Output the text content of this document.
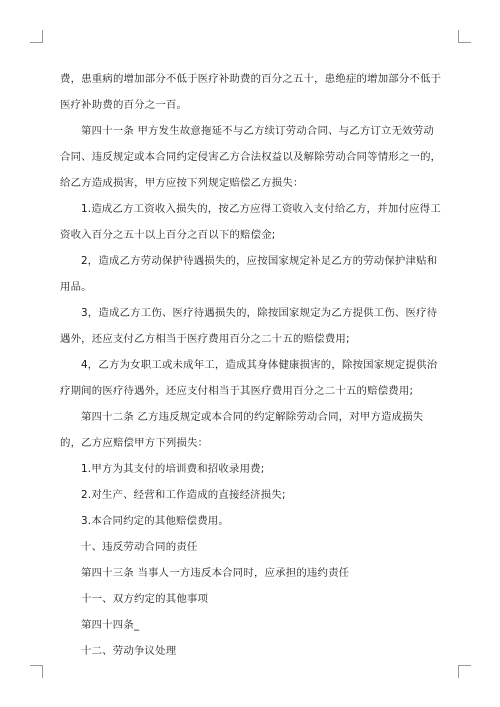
费，患重病的增加部分不低于医疗补助费的百分之五十，患绝症的增加部分不低于医疗补助费的百分之一百。

第四十一条 甲方发生故意拖延不与乙方续订劳动合同、与乙方订立无效劳动合同、违反规定或本合同约定侵害乙方合法权益以及解除劳动合同等情形之一的，给乙方造成损害，甲方应按下列规定赔偿乙方损失：

1.造成乙方工资收入损失的，按乙方应得工资收入支付给乙方，并加付应得工资收入百分之五十以上百分之百以下的赔偿金;

2，造成乙方劳动保护待遇损失的，应按国家规定补足乙方的劳动保护津贴和用品。

3，造成乙方工伤、医疗待遇损失的，除按国家规定为乙方提供工伤、医疗待遇外，还应支付乙方相当于医疗费用百分之二十五的赔偿费用;

4，乙方为女职工或未成年工，造成其身体健康损害的，除按国家规定提供治疗期间的医疗待遇外，还应支付相当于其医疗费用百分之二十五的赔偿费用;

第四十二条 乙方违反规定或本合同的约定解除劳动合同，对甲方造成损失的，乙方应赔偿甲方下列损失：

1.甲方为其支付的培训费和招收录用费;

2.对生产、经营和工作造成的直接经济损失;

3.本合同约定的其他赔偿费用。

十、违反劳动合同的责任

第四十三条 当事人一方违反本合同时，应承担的违约责任

十一、双方约定的其他事项

第四十四条_

十二、劳动争议处理
